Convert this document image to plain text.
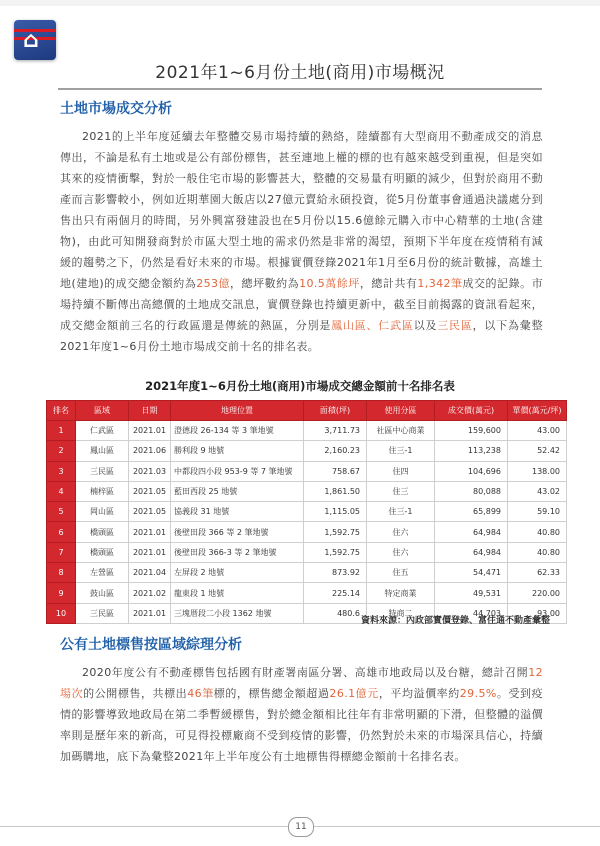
⌂
2021年1~6月份土地(商用)市場概況
土地市場成交分析
2021的上半年度延續去年整體交易市場持續的熱絡，陸續都有大型商用不動產成交的消息傳出，不論是私有土地或是公有部份標售，甚至連地上權的標的也有越來越受到重視，但是突如其來的疫情衝擊，對於一般住宅市場的影響甚大，整體的交易量有明顯的減少，但對於商用不動產而言影響較小，例如近期華園大飯店以27億元賣給永碩投資，從5月份董事會通過決議處分到售出只有兩個月的時間，另外興富發建設也在5月份以15.6億餘元購入市中心精華的土地(含建物)，由此可知開發商對於市區大型土地的需求仍然是非常的渴望，預期下半年度在疫情稍有減緩的趨勢之下，仍然是看好未來的市場。根據實價登錄2021年1月至6月份的統計數據，高雄土地(建地)的成交總金額約為253億，總坪數約為10.5萬餘坪，總計共有1,342筆成交的記錄。市場持續不斷傳出高總價的土地成交訊息，實價登錄也持續更新中，截至目前揭露的資訊看起來，成交總金額前三名的行政區還是傳統的熱區，分別是鳳山區、仁武區以及三民區，以下為彙整2021年度1~6月份土地市場成交前十名的排名表。
2021年度1~6月份土地(商用)市場成交總金額前十名排名表
排名	區域	日期	地理位置	面積(坪)	使用分區	成交價(萬元)	單價(萬元/坪)
1	仁武區	2021.01	澄德段 26-134 等 3 筆地號	3,711.73	社區中心商業	159,600	43.00
2	鳳山區	2021.06	勝利段 9 地號	2,160.23	住三-1	113,238	52.42
3	三民區	2021.03	中都段四小段 953-9 等 7 筆地號	758.67	住四	104,696	138.00
4	楠梓區	2021.05	藍田西段 25 地號	1,861.50	住三	80,088	43.02
5	岡山區	2021.05	協義段 31 地號	1,115.05	住三-1	65,899	59.10
6	橋頭區	2021.01	後壁田段 366 等 2 筆地號	1,592.75	住六	64,984	40.80
7	橋頭區	2021.01	後壁田段 366-3 等 2 筆地號	1,592.75	住六	64,984	40.80
8	左營區	2021.04	左屏段 2 地號	873.92	住五	54,471	62.33
9	鼓山區	2021.02	龍東段 1 地號	225.14	特定商業	49,531	220.00
10	三民區	2021.01	三塊厝段二小段 1362 地號	480.6	特商二	44,703	93.00
資料來源：內政部實價登錄、富住通不動產彙整
公有土地標售按區域綜理分析
2020年度公有不動產標售包括國有財產署南區分署、高雄市地政局以及台糖，總計召開12場次的公開標售，共標出46筆標的，標售總金額超過26.1億元，平均溢價率約29.5%。受到疫情的影響導致地政局在第二季暫緩標售，對於總金額相比往年有非常明顯的下滑，但整體的溢價率則是歷年來的新高，可見得投標廠商不受到疫情的影響，仍然對於未來的市場深具信心，持續加碼購地，底下為彙整2021年上半年度公有土地標售得標總金額前十名排名表。
11
